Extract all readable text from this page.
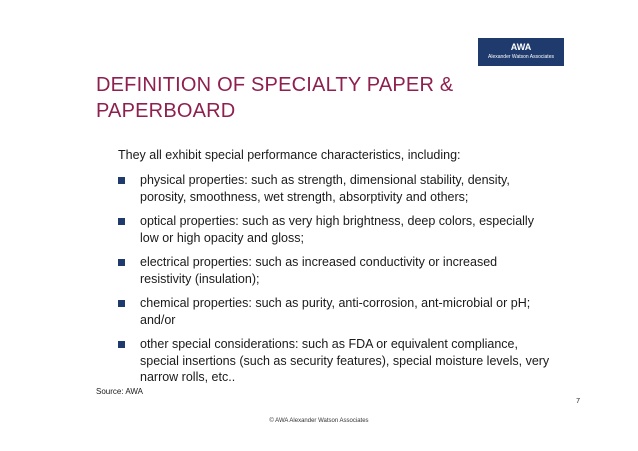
AWA
Alexander Watson Associates
DEFINITION OF SPECIALTY PAPER &
PAPERBOARD
They all exhibit special performance characteristics, including:
physical properties: such as strength, dimensional stability, density,
porosity, smoothness, wet strength, absorptivity and others;
optical properties: such as very high brightness, deep colors, especially
low or high opacity and gloss;
electrical properties: such as increased conductivity or increased
resistivity (insulation);
chemical properties: such as purity, anti-corrosion, ant-microbial or pH;
and/or
other special considerations: such as FDA or equivalent compliance,
special insertions (such as security features), special moisture levels, very
narrow rolls, etc..
Source: AWA
7
© AWA Alexander Watson Associates
